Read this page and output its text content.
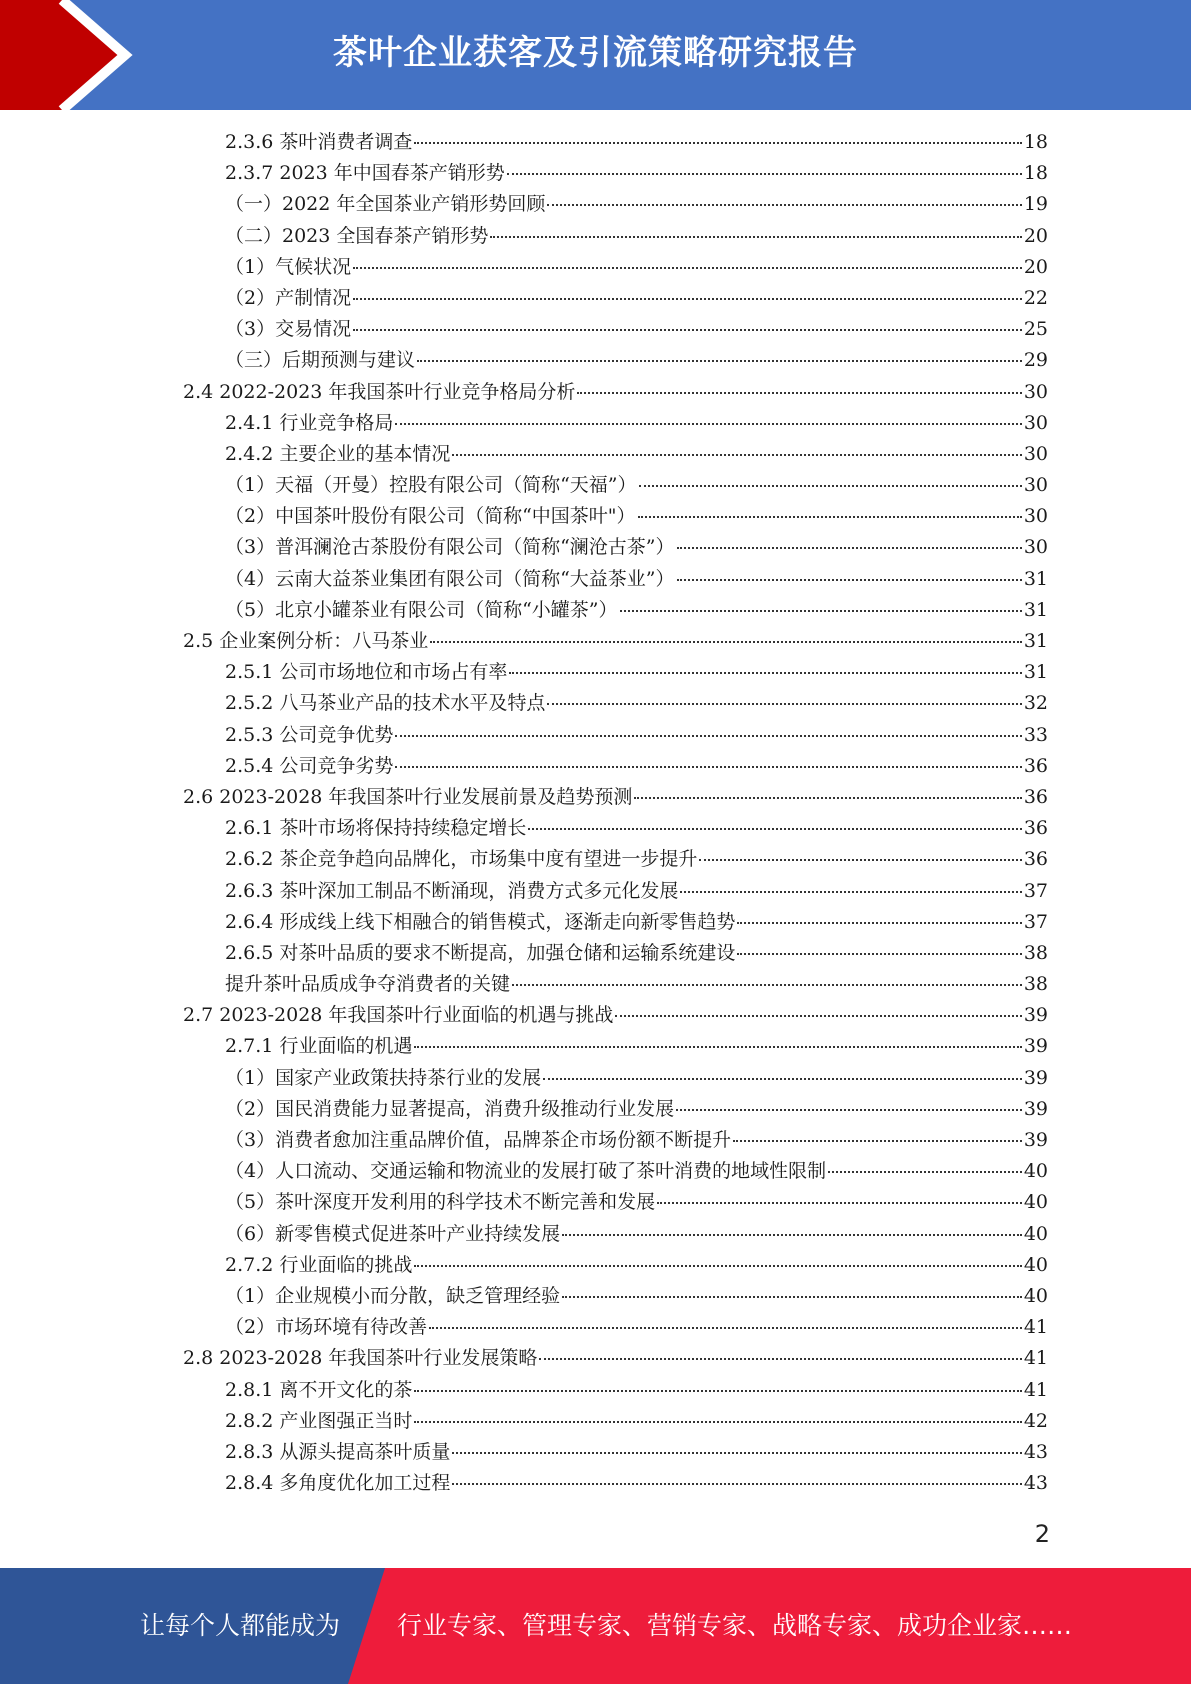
茶叶企业获客及引流策略研究报告
2.3.6 茶叶消费者调查	18
2.3.7 2023 年中国春茶产销形势	18
（一）2022 年全国茶业产销形势回顾	19
（二）2023 全国春茶产销形势	20
（1）气候状况	20
（2）产制情况	22
（3）交易情况	25
（三）后期预测与建议	29
2.4 2022-2023 年我国茶叶行业竞争格局分析	30
2.4.1 行业竞争格局	30
2.4.2 主要企业的基本情况	30
（1）天福（开曼）控股有限公司（简称“天福”）	30
（2）中国茶叶股份有限公司（简称“中国茶叶"）	30
（3）普洱澜沧古茶股份有限公司（简称“澜沧古茶”）	30
（4）云南大益茶业集团有限公司（简称“大益茶业”）	31
（5）北京小罐茶业有限公司（简称“小罐茶”）	31
2.5 企业案例分析：八马茶业	31
2.5.1 公司市场地位和市场占有率	31
2.5.2 八马茶业产品的技术水平及特点	32
2.5.3 公司竞争优势	33
2.5.4 公司竞争劣势	36
2.6 2023-2028 年我国茶叶行业发展前景及趋势预测	36
2.6.1 茶叶市场将保持持续稳定增长	36
2.6.2 茶企竞争趋向品牌化，市场集中度有望进一步提升	36
2.6.3 茶叶深加工制品不断涌现，消费方式多元化发展	37
2.6.4 形成线上线下相融合的销售模式，逐渐走向新零售趋势	37
2.6.5 对茶叶品质的要求不断提高，加强仓储和运输系统建设	38
提升茶叶品质成争夺消费者的关键	38
2.7 2023-2028 年我国茶叶行业面临的机遇与挑战	39
2.7.1 行业面临的机遇	39
（1）国家产业政策扶持茶行业的发展	39
（2）国民消费能力显著提高，消费升级推动行业发展	39
（3）消费者愈加注重品牌价值，品牌茶企市场份额不断提升	39
（4）人口流动、交通运输和物流业的发展打破了茶叶消费的地域性限制	40
（5）茶叶深度开发利用的科学技术不断完善和发展	40
（6）新零售模式促进茶叶产业持续发展	40
2.7.2 行业面临的挑战	40
（1）企业规模小而分散，缺乏管理经验	40
（2）市场环境有待改善	41
2.8 2023-2028 年我国茶叶行业发展策略	41
2.8.1 离不开文化的茶	41
2.8.2 产业图强正当时	42
2.8.3 从源头提高茶叶质量	43
2.8.4 多角度优化加工过程	43
2
让每个人都能成为 行业专家、管理专家、营销专家、战略专家、成功企业家……
